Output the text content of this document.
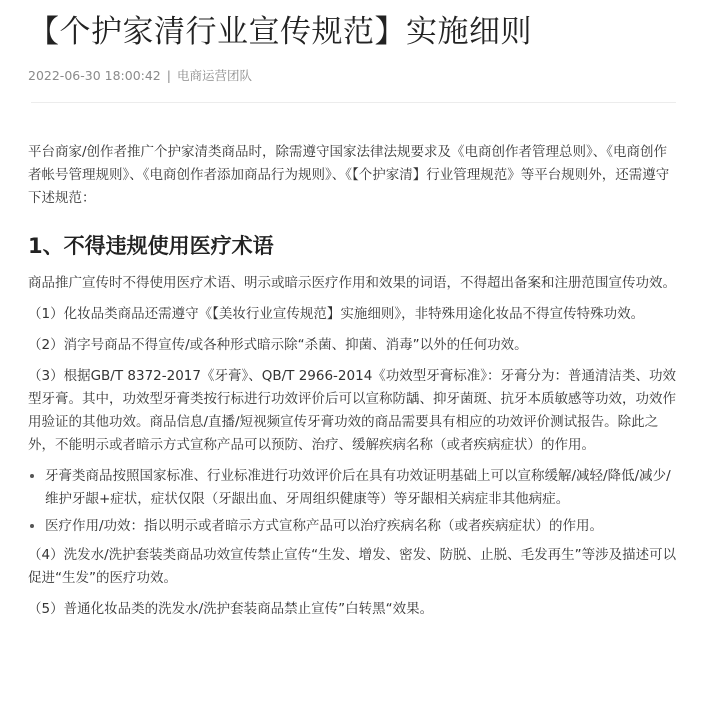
【个护家清行业宣传规范】实施细则
2022-06-30 18:00:42 | 电商运营团队

平台商家/创作者推广个护家清类商品时，除需遵守国家法律法规要求及《电商创作者管理总则》、《电商创作者帐号管理规则》、《电商创作者添加商品行为规则》、《【个护家清】行业管理规范》等平台规则外，还需遵守下述规范：

1、不得违规使用医疗术语

商品推广宣传时不得使用医疗术语、明示或暗示医疗作用和效果的词语，不得超出备案和注册范围宣传功效。

（1）化妆品类商品还需遵守《【美妆行业宣传规范】实施细则》，非特殊用途化妆品不得宣传特殊功效。

（2）消字号商品不得宣传/或各种形式暗示除“杀菌、抑菌、消毒”以外的任何功效。

（3）根据GB/T 8372-2017《牙膏》、QB/T 2966-2014《功效型牙膏标准》：牙膏分为：普通清洁类、功效型牙膏。其中，功效型牙膏类按行标进行功效评价后可以宣称防龋、抑牙菌斑、抗牙本质敏感等功效，功效作用验证的其他功效。商品信息/直播/短视频宣传牙膏功效的商品需要具有相应的功效评价测试报告。除此之外，不能明示或者暗示方式宣称产品可以预防、治疗、缓解疾病名称（或者疾病症状）的作用。

牙膏类商品按照国家标准、行业标准进行功效评价后在具有功效证明基础上可以宣称缓解/减轻/降低/减少/维护牙龈+症状，症状仅限（牙龈出血、牙周组织健康等）等牙龈相关病症非其他病症。
医疗作用/功效：指以明示或者暗示方式宣称产品可以治疗疾病名称（或者疾病症状）的作用。

（4）洗发水/洗护套装类商品功效宣传禁止宣传“生发、增发、密发、防脱、止脱、毛发再生”等涉及描述可以促进“生发”的医疗功效。

（5）普通化妆品类的洗发水/洗护套装商品禁止宣传”白转黑“效果。
